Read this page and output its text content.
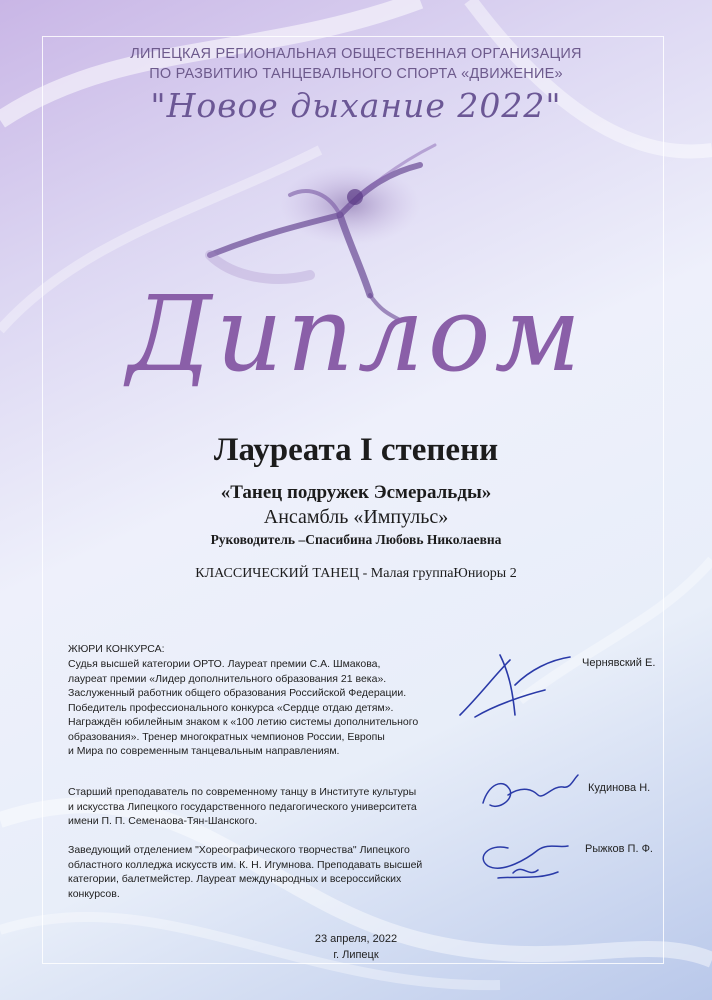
ЛИПЕЦКАЯ РЕГИОНАЛЬНАЯ ОБЩЕСТВЕННАЯ ОРГАНИЗАЦИЯ
ПО РАЗВИТИЮ ТАНЦЕВАЛЬНОГО СПОРТА «ДВИЖЕНИЕ»
"Новое дыхание 2022"
Диплом
Лауреата I степени
«Танец подружек Эсмеральды»
Ансамбль «Импульс»
Руководитель –Спасибина Любовь Николаевна
КЛАССИЧЕСКИЙ ТАНЕЦ - Малая группаЮниоры 2
ЖЮРИ КОНКУРСА:
Судья высшей категории ОРТО. Лауреат премии С.А. Шмакова,
лауреат премии «Лидер дополнительного образования 21 века».
Заслуженный работник общего образования Российской Федерации.
Победитель профессионального конкурса «Сердце отдаю детям».
Награждён юбилейным знаком к «100 летию системы дополнительного
образования». Тренер многократных чемпионов России, Европы
и Мира по современным танцевальным направлениям.
Чернявский Е.
Старший преподаватель по современному танцу в Институте культуры
и искусства Липецкого государственного педагогического университета
имени П. П. Семенаова-Тян-Шанского.
Кудинова Н.
Заведующий отделением "Хореографического творчества" Липецкого
областного колледжа искусств им. К. Н. Игумнова. Преподавать высшей
категории, балетмейстер. Лауреат международных и всероссийских
конкурсов.
Рыжков П. Ф.
23 апреля, 2022
г. Липецк
